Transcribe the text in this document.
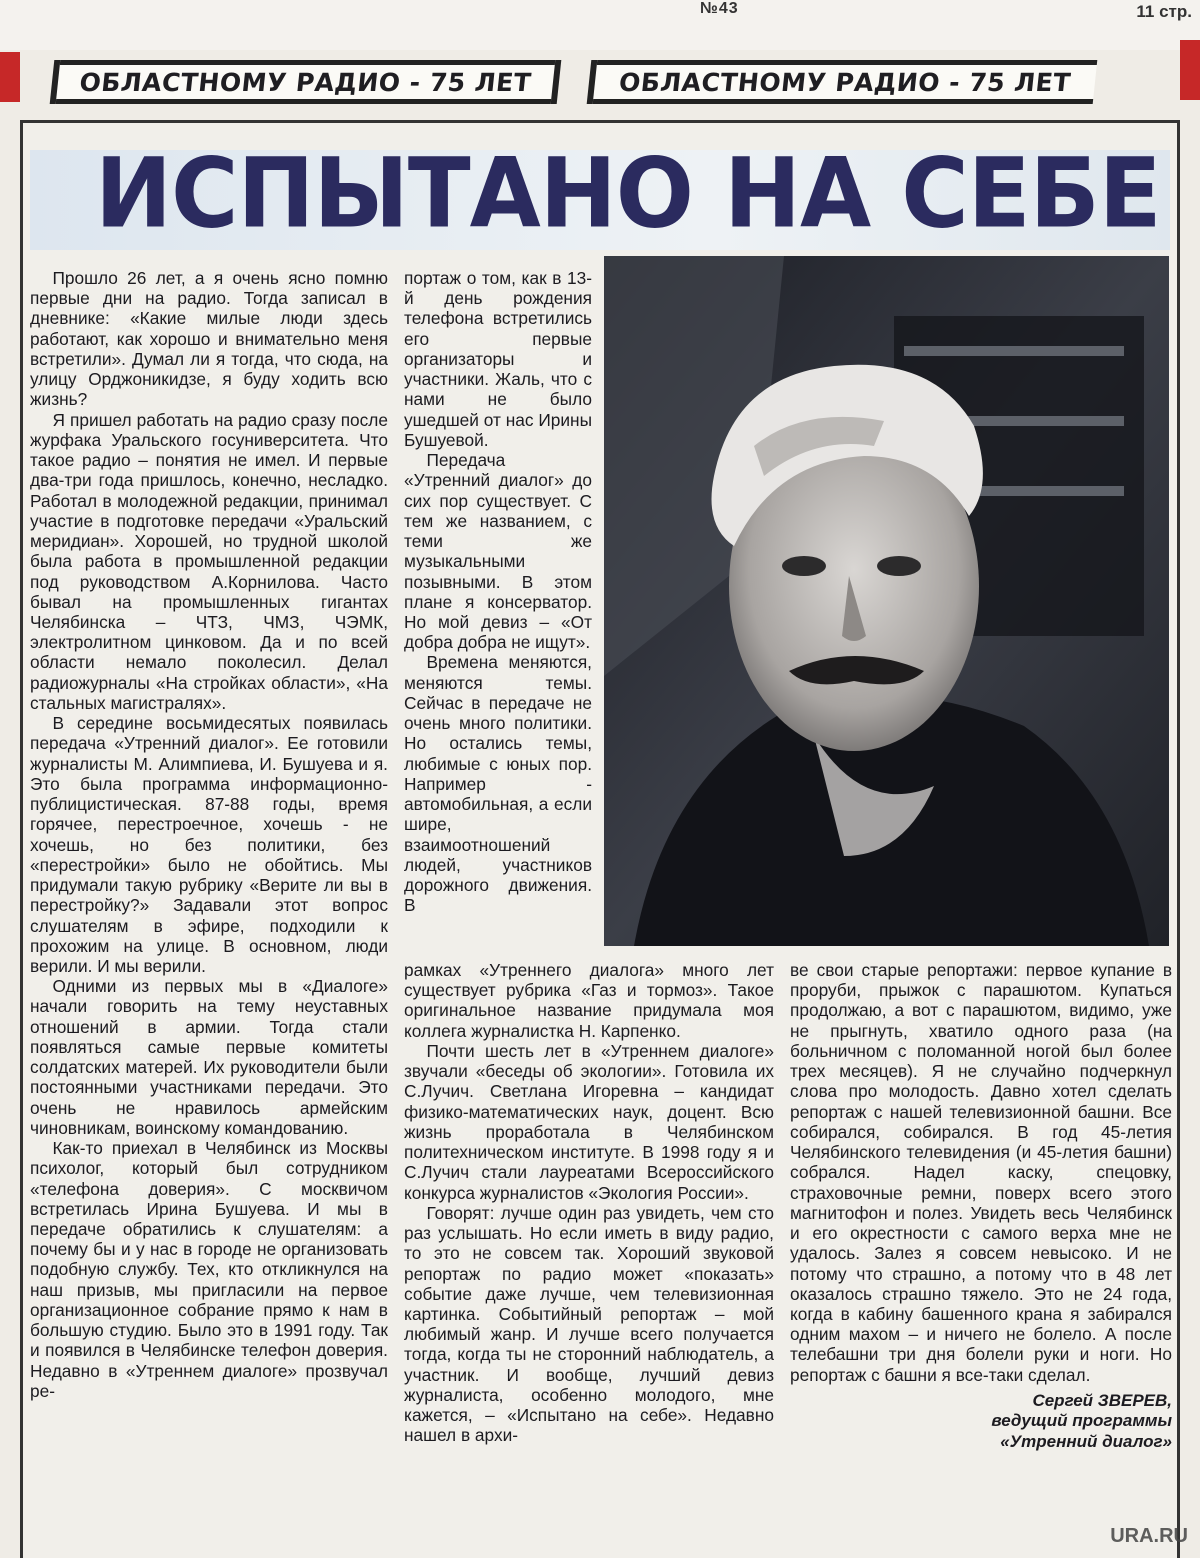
№43	11 стр.
ОБЛАСТНОМУ РАДИО - 75 ЛЕТ	ОБЛАСТНОМУ РАДИО - 75 ЛЕТ
ИСПЫТАНО НА СЕБЕ

Прошло 26 лет, а я очень ясно помню первые дни на радио. Тогда записал в дневнике: «Какие милые люди здесь работают, как хорошо и внимательно меня встретили». Думал ли я тогда, что сюда, на улицу Орджоникидзе, я буду ходить всю жизнь?

Я пришел работать на радио сразу после журфака Уральского госуниверситета. Что такое радио – понятия не имел. И первые два-три года пришлось, конечно, несладко. Работал в молодежной редакции, принимал участие в подготовке передачи «Уральский меридиан». Хорошей, но трудной школой была работа в промышленной редакции под руководством А.Корнилова. Часто бывал на промышленных гигантах Челябинска – ЧТЗ, ЧМЗ, ЧЭМК, электролитном цинковом. Да и по всей области немало поколесил. Делал радиожурналы «На стройках области», «На стальных магистралях».

В середине восьмидесятых появилась передача «Утренний диалог». Ее готовили журналисты М. Алимпиева, И. Бушуева и я. Это была программа информационно-публицистическая. 87-88 годы, время горячее, перестроечное, хочешь - не хочешь, но без политики, без «перестройки» было не обойтись. Мы придумали такую рубрику «Верите ли вы в перестройку?» Задавали этот вопрос слушателям в эфире, подходили к прохожим на улице. В основном, люди верили. И мы верили.

Одними из первых мы в «Диалоге» начали говорить на тему неуставных отношений в армии. Тогда стали появляться самые первые комитеты солдатских матерей. Их руководители были постоянными участниками передачи. Это очень не нравилось армейским чиновникам, воинскому командованию.

Как-то приехал в Челябинск из Москвы психолог, который был сотрудником «телефона доверия». С москвичом встретилась Ирина Бушуева. И мы в передаче обратились к слушателям: а почему бы и у нас в городе не организовать подобную службу. Тех, кто откликнулся на наш призыв, мы пригласили на первое организационное собрание прямо к нам в большую студию. Было это в 1991 году. Так и появился в Челябинске телефон доверия. Недавно в «Утреннем диалоге» прозвучал ре-

портаж о том, как в 13-й день рождения телефона встретились его первые организаторы и участники. Жаль, что с нами не было ушедшей от нас Ирины Бушуевой.

Передача «Утренний диалог» до сих пор существует. С тем же названием, с теми же музыкальными позывными. В этом плане я консерватор. Но мой девиз – «От добра добра не ищут».

Времена меняются, меняются темы. Сейчас в передаче не очень много политики. Но остались темы, любимые с юных пор. Например - автомобильная, а если шире, взаимоотношений людей, участников дорожного движения. В

рамках «Утреннего диалога» много лет существует рубрика «Газ и тормоз». Такое оригинальное название придумала моя коллега журналистка Н. Карпенко.

Почти шесть лет в «Утреннем диалоге» звучали «беседы об экологии». Готовила их С.Лучич. Светлана Игоревна – кандидат физико-математических наук, доцент. Всю жизнь проработала в Челябинском политехническом институте. В 1998 году я и С.Лучич стали лауреатами Всероссийского конкурса журналистов «Экология России».

Говорят: лучше один раз увидеть, чем сто раз услышать. Но если иметь в виду радио, то это не совсем так. Хороший звуковой репортаж по радио может «показать» событие даже лучше, чем телевизионная картинка. Событийный репортаж – мой любимый жанр. И лучше всего получается тогда, когда ты не сторонний наблюдатель, а участник. И вообще, лучший девиз журналиста, особенно молодого, мне кажется, – «Испытано на себе». Недавно нашел в архи-

ве свои старые репортажи: первое купание в проруби, прыжок с парашютом. Купаться продолжаю, а вот с парашютом, видимо, уже не прыгнуть, хватило одного раза (на больничном с поломанной ногой был более трех месяцев). Я не случайно подчеркнул слова про молодость. Давно хотел сделать репортаж с нашей телевизионной башни. Все собирался, собирался. В год 45-летия Челябинского телевидения (и 45-летия башни) собрался. Надел каску, спецовку, страховочные ремни, поверх всего этого магнитофон и полез. Увидеть весь Челябинск и его окрестности с самого верха мне не удалось. Залез я совсем невысоко. И не потому что страшно, а потому что в 48 лет оказалось страшно тяжело. Это не 24 года, когда в кабину башенного крана я забирался одним махом – и ничего не болело. А после телебашни три дня болели руки и ноги. Но репортаж с башни я все-таки сделал.

Сергей ЗВЕРЕВ,
ведущий программы
«Утренний диалог»
URA.RU
